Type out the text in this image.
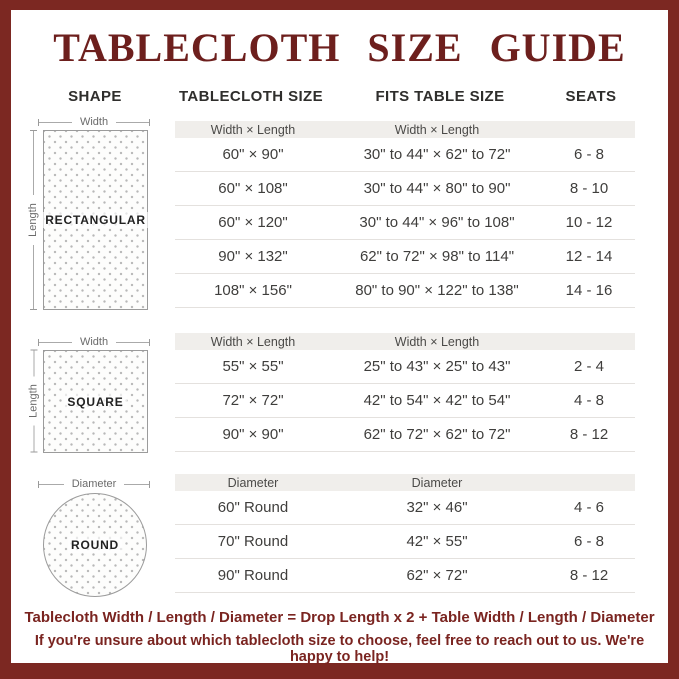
TABLECLOTH SIZE GUIDE
SHAPE	TABLECLOTH SIZE	FITS TABLE SIZE	SEATS
Width
Length RECTANGULAR
Width
Length SQUARE
Diameter
ROUND
Width × Length	Width × Length
60" × 90"	30" to 44" × 62" to 72"	6 - 8
60" × 108"	30" to 44" × 80" to 90"	8 - 10
60" × 120"	30" to 44" × 96" to 108"	10 - 12
90" × 132"	62" to 72" × 98" to 114"	12 - 14
108" × 156"	80" to 90" × 122" to 138"	14 - 16
Width × Length	Width × Length
55" × 55"	25" to 43" × 25" to 43"	2 - 4
72" × 72"	42" to 54" × 42" to 54"	4 - 8
90" × 90"	62" to 72" × 62" to 72"	8 - 12
Diameter	Diameter
60" Round	32" × 46"	4 - 6
70" Round	42" × 55"	6 - 8
90" Round	62" × 72"	8 - 12
Tablecloth Width / Length / Diameter = Drop Length x 2 + Table Width / Length / Diameter
If you're unsure about which tablecloth size to choose, feel free to reach out to us. We're happy to help!
